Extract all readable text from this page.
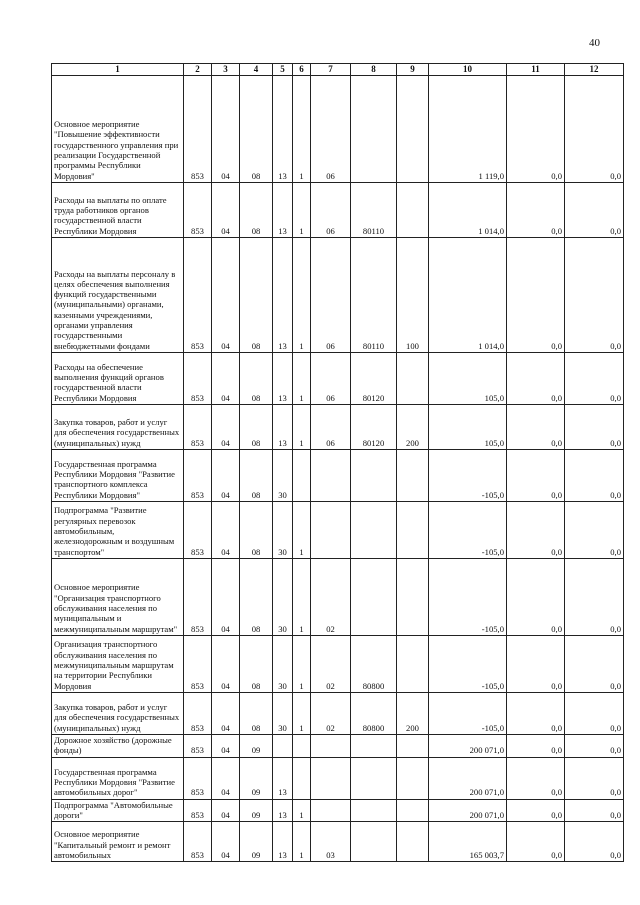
40
1	2	3	4	5	6	7	8	9	10	11	12
Основное мероприятие "Повышение эффективности государственного управления при реализации Государственной программы Республики Мордовия"	853	04	08	13	1	06			1 119,0	0,0	0,0
Расходы на выплаты по оплате труда работников органов государственной власти Республики Мордовия	853	04	08	13	1	06	80110		1 014,0	0,0	0,0
Расходы на выплаты персоналу в целях обеспечения выполнения функций государственными (муниципальными) органами, казенными учреждениями, органами управления государственными внебюджетными фондами	853	04	08	13	1	06	80110	100	1 014,0	0,0	0,0
Расходы на обеспечение выполнения функций органов государственной власти Республики Мордовия	853	04	08	13	1	06	80120		105,0	0,0	0,0
Закупка товаров, работ и услуг для обеспечения государственных (муниципальных) нужд	853	04	08	13	1	06	80120	200	105,0	0,0	0,0
Государственная программа Республики Мордовия "Развитие транспортного комплекса Республики Мордовия"	853	04	08	30					-105,0	0,0	0,0
Подпрограмма "Развитие регулярных перевозок автомобильным, железнодорожным и воздушным транспортом"	853	04	08	30	1				-105,0	0,0	0,0
Основное мероприятие "Организация транспортного обслуживания населения по муниципальным и межмуниципальным маршрутам"	853	04	08	30	1	02			-105,0	0,0	0,0
Организация транспортного обслуживания населения по межмуниципальным маршрутам на территории Республики Мордовия	853	04	08	30	1	02	80800		-105,0	0,0	0,0
Закупка товаров, работ и услуг для обеспечения государственных (муниципальных) нужд	853	04	08	30	1	02	80800	200	-105,0	0,0	0,0
Дорожное хозяйство (дорожные фонды)	853	04	09						200 071,0	0,0	0,0
Государственная программа Республики Мордовия "Развитие автомобильных дорог"	853	04	09	13					200 071,0	0,0	0,0
Подпрограмма "Автомобильные дороги"	853	04	09	13	1				200 071,0	0,0	0,0
Основное мероприятие "Капитальный ремонт и ремонт автомобильных	853	04	09	13	1	03			165 003,7	0,0	0,0
